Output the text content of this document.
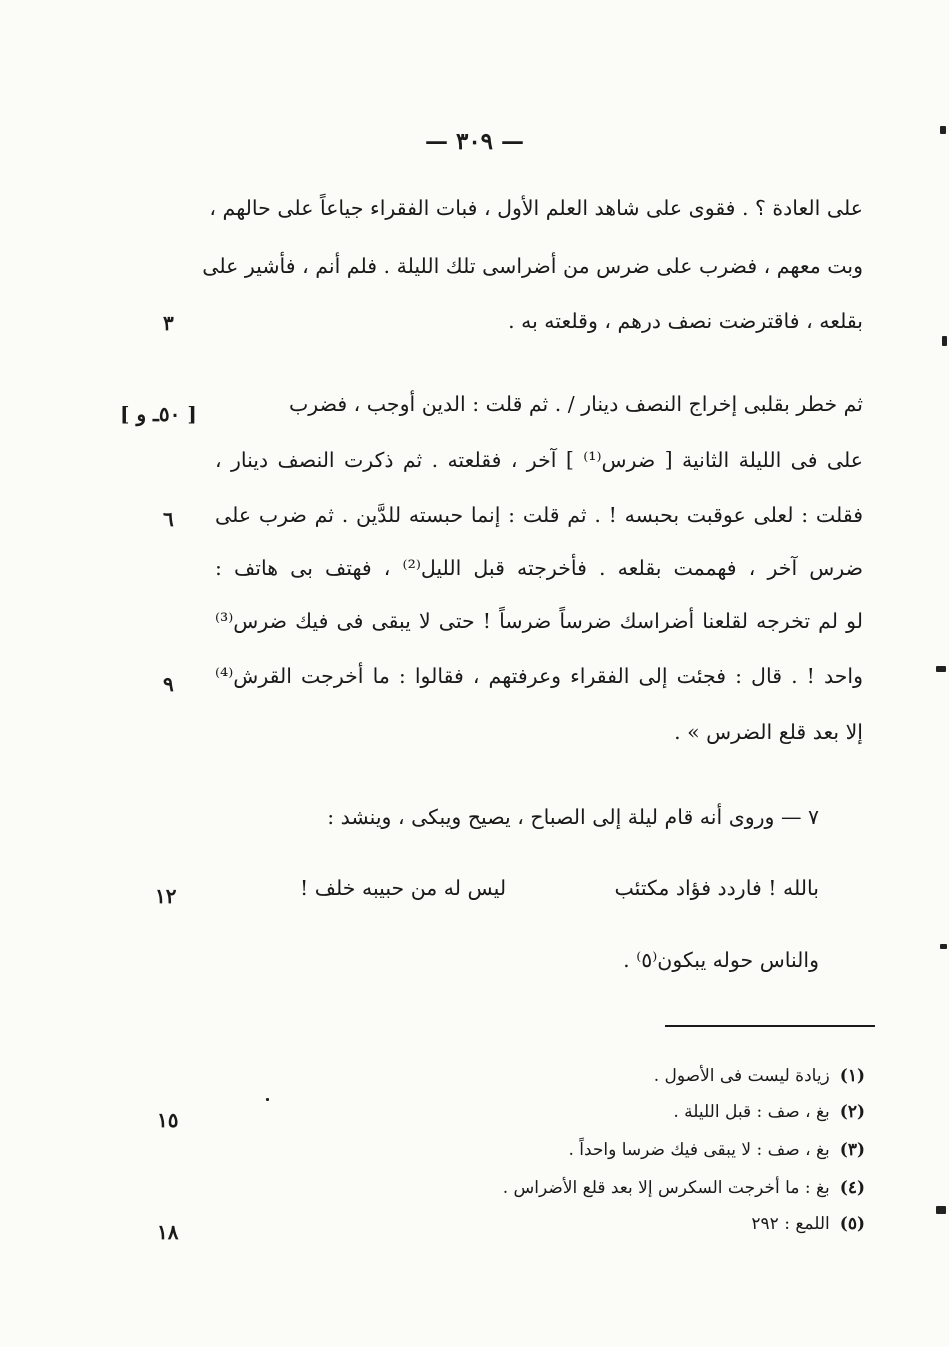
— ٣٠٩ —
على العادة ؟ . فقوى على شاهد العلم الأول ، فبات الفقراء جياعاً على حالهم ،
وبت معهم ، فضرب على ضرس من أضراسى تلك الليلة . فلم أنم ، فأشير على
بقلعه ، فاقترضت نصف درهم ، وقلعته به .
٣
[ ٥٠ـ و ]	ثم خطر بقلبى إخراج النصف دينار / . ثم قلت : الدين أوجب ، فضرب
على فى الليلة الثانية [ ضرس⁽¹⁾ ] آخر ، فقلعته . ثم ذكرت النصف دينار ،
فقلت : لعلى عوقبت بحبسه ! . ثم قلت : إنما حبسته للدَّين . ثم ضرب على
٦
ضرس آخر ، فهممت بقلعه . فأخرجته قبل الليل⁽²⁾ ، فهتف بى هاتف :
لو لم تخرجه لقلعنا أضراسك ضرساً ضرساً ! حتى لا يبقى فى فيك ضرس⁽³⁾
واحد ! . قال : فجئت إلى الفقراء وعرفتهم ، فقالوا : ما أخرجت القرش⁽⁴⁾
٩
إلا بعد قلع الضرس » .
٧ — وروى أنه قام ليلة إلى الصباح ، يصيح ويبكى ، وينشد :
بالله ! فاردد فؤاد مكتئب
ليس له من حبيبه خلف !
١٢
والناس حوله يبكون⁽٥⁾ .
(١)زيادة ليست فى الأصول .
(٢)بغ ، صف : قبل الليلة .
١٥
(٣)بغ ، صف : لا يبقى فيك ضرسا واحداً .
(٤)بغ : ما أخرجت السكرس إلا بعد قلع الأضراس .
(٥)اللمع : ٢٩٢
١٨
